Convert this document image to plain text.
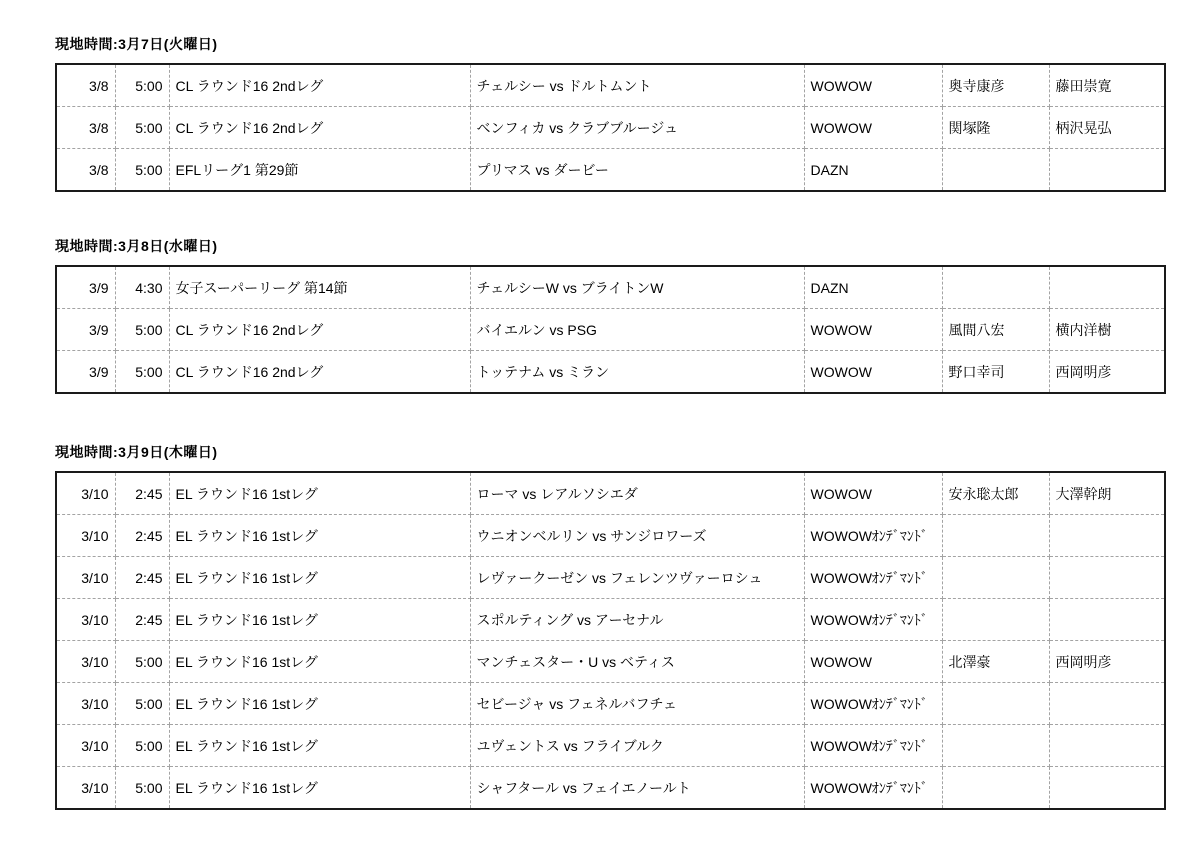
現地時間:3月7日(火曜日)
3/8	5:00	CL ラウンド16 2ndレグ	チェルシー vs ドルトムント	WOWOW	奥寺康彦	藤田崇寛
3/8	5:00	CL ラウンド16 2ndレグ	ベンフィカ vs クラブブルージュ	WOWOW	関塚隆	柄沢晃弘
3/8	5:00	EFLリーグ1 第29節	プリマス vs ダービー	DAZN		
現地時間:3月8日(水曜日)
3/9	4:30	女子スーパーリーグ 第14節	チェルシーW vs ブライトンW	DAZN		
3/9	5:00	CL ラウンド16 2ndレグ	バイエルン vs PSG	WOWOW	風間八宏	横内洋樹
3/9	5:00	CL ラウンド16 2ndレグ	トッテナム vs ミラン	WOWOW	野口幸司	西岡明彦
現地時間:3月9日(木曜日)
3/10	2:45	EL ラウンド16 1stレグ	ローマ vs レアルソシエダ	WOWOW	安永聡太郎	大澤幹朗
3/10	2:45	EL ラウンド16 1stレグ	ウニオンベルリン vs サンジロワーズ	WOWOWｵﾝﾃﾞﾏﾝﾄﾞ		
3/10	2:45	EL ラウンド16 1stレグ	レヴァークーゼン vs フェレンツヴァーロシュ	WOWOWｵﾝﾃﾞﾏﾝﾄﾞ		
3/10	2:45	EL ラウンド16 1stレグ	スポルティング vs アーセナル	WOWOWｵﾝﾃﾞﾏﾝﾄﾞ		
3/10	5:00	EL ラウンド16 1stレグ	マンチェスター・U vs ベティス	WOWOW	北澤豪	西岡明彦
3/10	5:00	EL ラウンド16 1stレグ	セビージャ vs フェネルバフチェ	WOWOWｵﾝﾃﾞﾏﾝﾄﾞ		
3/10	5:00	EL ラウンド16 1stレグ	ユヴェントス vs フライブルク	WOWOWｵﾝﾃﾞﾏﾝﾄﾞ		
3/10	5:00	EL ラウンド16 1stレグ	シャフタール vs フェイエノールト	WOWOWｵﾝﾃﾞﾏﾝﾄﾞ		
